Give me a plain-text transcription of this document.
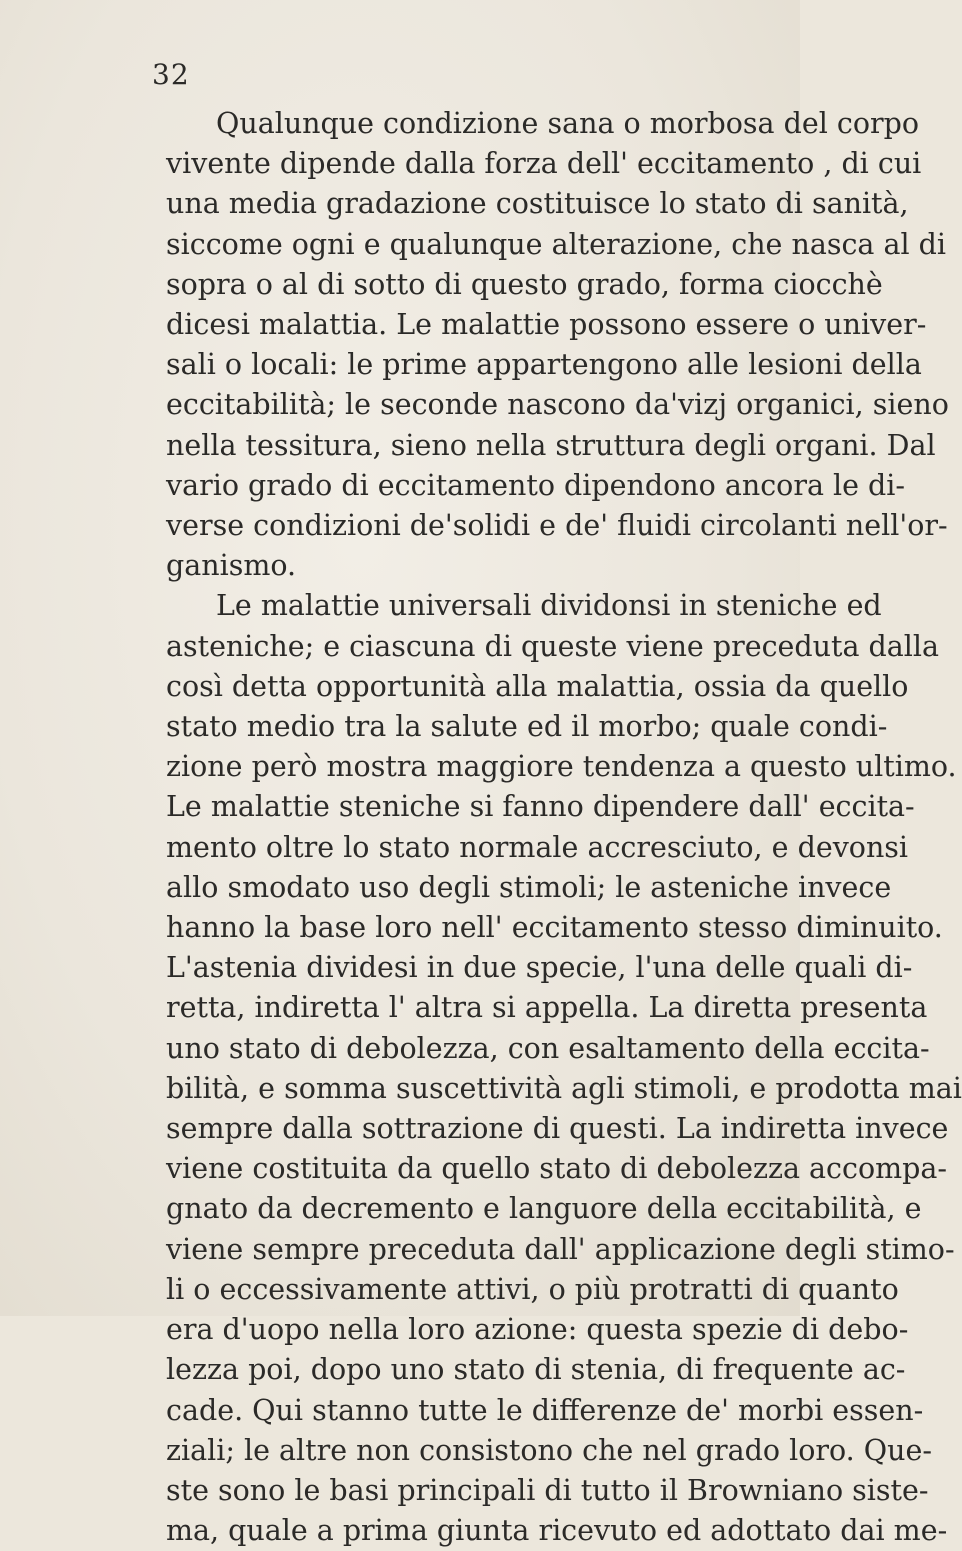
32
Qualunque condizione sana o morbosa del corpo
vivente dipende dalla forza dell' eccitamento , di cui
una media gradazione costituisce lo stato di sanità,
siccome ogni e qualunque alterazione, che nasca al di
sopra o al di sotto di questo grado, forma ciocchè
dicesi malattia. Le malattie possono essere o univer-
sali o locali: le prime appartengono alle lesioni della
eccitabilità; le seconde nascono da'vizj organici, sieno
nella tessitura, sieno nella struttura degli organi. Dal
vario grado di eccitamento dipendono ancora le di-
verse condizioni de'solidi e de' fluidi circolanti nell'or-
ganismo.
Le malattie universali dividonsi in steniche ed
asteniche; e ciascuna di queste viene preceduta dalla
così detta opportunità alla malattia, ossia da quello
stato medio tra la salute ed il morbo; quale condi-
zione però mostra maggiore tendenza a questo ultimo.
Le malattie steniche si fanno dipendere dall' eccita-
mento oltre lo stato normale accresciuto, e devonsi
allo smodato uso degli stimoli; le asteniche invece
hanno la base loro nell' eccitamento stesso diminuito.
L'astenia dividesi in due specie, l'una delle quali di-
retta, indiretta l' altra si appella. La diretta presenta
uno stato di debolezza, con esaltamento della eccita-
bilità, e somma suscettività agli stimoli, e prodotta mai
sempre dalla sottrazione di questi. La indiretta invece
viene costituita da quello stato di debolezza accompa-
gnato da decremento e languore della eccitabilità, e
viene sempre preceduta dall' applicazione degli stimo-
li o eccessivamente attivi, o più protratti di quanto
era d'uopo nella loro azione: questa spezie di debo-
lezza poi, dopo uno stato di stenia, di frequente ac-
cade. Qui stanno tutte le differenze de' morbi essen-
ziali; le altre non consistono che nel grado loro. Que-
ste sono le basi principali di tutto il Browniano siste-
ma, quale a prima giunta ricevuto ed adottato dai me-
